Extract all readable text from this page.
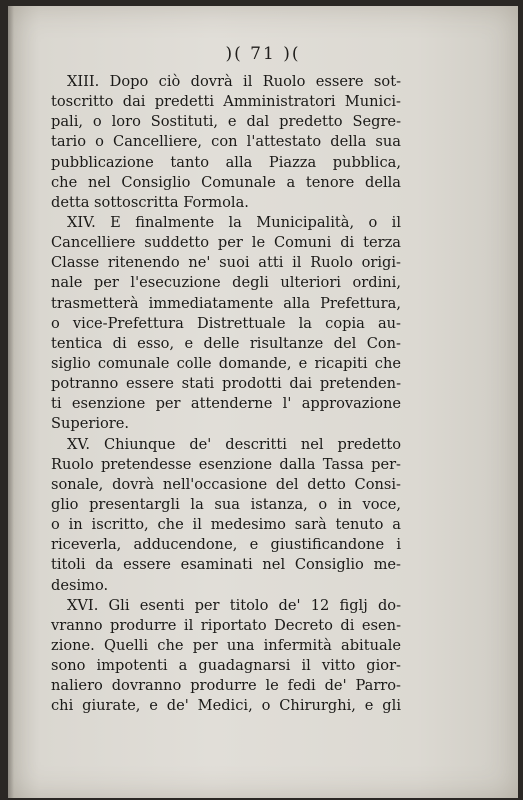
)( 71 )(
XIII. Dopo ciò dovrà il Ruolo essere sot-
toscritto dai predetti Amministratori Munici-
pali, o loro Sostituti, e dal predetto Segre-
tario o Cancelliere, con l'attestato della sua
pubblicazione tanto alla Piazza pubblica,
che nel Consiglio Comunale a tenore della
detta sottoscritta Formola.
XIV. E finalmente la Municipalità, o il
Cancelliere suddetto per le Comuni di terza
Classe ritenendo ne' suoi atti il Ruolo origi-
nale per l'esecuzione degli ulteriori ordini,
trasmetterà immediatamente alla Prefettura,
o vice-Prefettura Distrettuale la copia au-
tentica di esso, e delle risultanze del Con-
siglio comunale colle domande, e ricapiti che
potranno essere stati prodotti dai pretenden-
ti esenzione per attenderne l' approvazione
Superiore.
XV. Chiunque de' descritti nel predetto
Ruolo pretendesse esenzione dalla Tassa per-
sonale, dovrà nell'occasione del detto Consi-
glio presentargli la sua istanza, o in voce,
o in iscritto, che il medesimo sarà tenuto a
riceverla, adducendone, e giustificandone i
titoli da essere esaminati nel Consiglio me-
desimo.
XVI. Gli esenti per titolo de' 12 figlj do-
vranno produrre il riportato Decreto di esen-
zione. Quelli che per una infermità abituale
sono impotenti a guadagnarsi il vitto gior-
naliero dovranno produrre le fedi de' Parro-
chi giurate, e de' Medici, o Chirurghi, e gli
